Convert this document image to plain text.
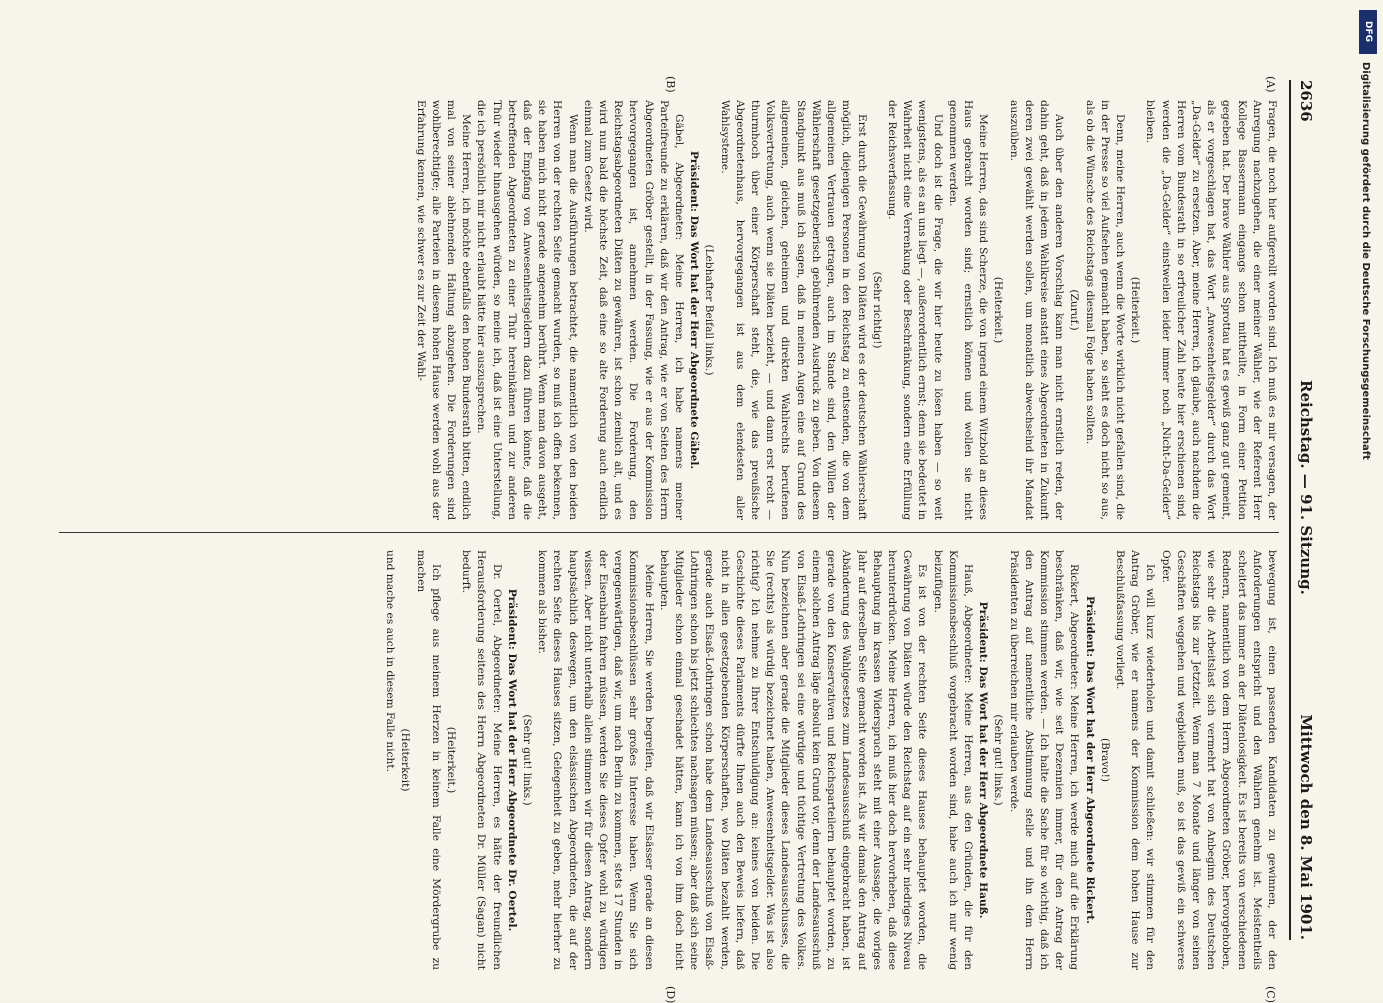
2636
Reichstag. — 91. Sitzung.
Mittwoch den 8. Mai 1901.
(A)
(B)
(C)
(D)

Fragen, die noch hier aufgerollt worden sind. Ich muß es mir versagen, der Anregung nachzugehen, die einer meiner Wähler, wie der Referent Herr Kollege Bassermann eingangs schon mittheilte, in Form einer Petition gegeben hat. Der brave Wähler aus Sprottau hat es gewiß ganz gut gemeint, als er vorgeschlagen hat, das Wort „Anwesenheitsgelder“ durch das Wort „Da-Gelder“ zu ersetzen. Aber, meine Herren, ich glaube, auch nachdem die Herren vom Bundesrath in so erfreulicher Zahl heute hier erschienen sind, werden die „Da-Gelder“ einstweilen leider immer noch „Nicht-Da-Gelder“ bleiben.

(Heiterkeit.)

Denn, meine Herren, auch wenn die Worte wirklich nicht gefallen sind, die in der Presse so viel Aufsehen gemacht haben, so sieht es doch nicht so aus, als ob die Wünsche des Reichstags diesmal Folge haben sollten.

(Zuruf.)

Auch über den anderen Vorschlag kann man nicht ernstlich reden, der dahin geht, daß in jedem Wahlkreise anstatt eines Abgeordneten in Zukunft deren zwei gewählt werden sollen, um monatlich abwechselnd ihr Mandat auszuüben.

(Heiterkeit.)

Meine Herren, das sind Scherze, die von irgend einem Witzbold an dieses Haus gebracht worden sind; ernstlich können und wollen sie nicht genommen werden.

Und doch ist die Frage, die wir hier heute zu lösen haben — so weit wenigstens, als es an uns liegt —, außerordentlich ernst; denn sie bedeutet in Wahrheit nicht eine Verrenkung oder Beschränkung, sondern eine Erfüllung der Reichsverfassung.

(Sehr richtig!)

Erst durch die Gewährung von Diäten wird es der deutschen Wählerschaft möglich, diejenigen Personen in den Reichstag zu entsenden, die von dem allgemeinen Vertrauen getragen, auch im Stande sind, den Willen der Wählerschaft gesetzgeberisch gebührenden Ausdruck zu geben. Von diesem Standpunkt aus muß ich sagen, daß in meinen Augen eine auf Grund des allgemeinen, gleichen, geheimen und direkten Wahlrechts berufenen Volksvertretung, auch wenn sie Diäten bezieht, — und dann erst recht — thurmhoch über einer Körperschaft steht, die, wie das preußische Abgeordnetenhaus, hervorgegangen ist aus dem elendesten aller Wahlsysteme.

(Lebhafter Beifall links.)

Präsident: Das Wort hat der Herr Abgeordnete Gäbel.

Gäbel, Abgeordneter: Meine Herren, ich habe namens meiner Parteifreunde zu erklären, daß wir den Antrag, wie er von Seiten des Herrn Abgeordneten Gröber gestellt, in der Fassung, wie er aus der Kommission hervorgegangen ist, annehmen werden. Die Forderung, den Reichstagsabgeordneten Diäten zu gewähren, ist schon ziemlich alt, und es wird nun bald die höchste Zeit, daß eine so alte Forderung auch endlich einmal zum Gesetz wird.

Wenn man die Ausführungen betrachtet, die namentlich von den beiden Herren von der rechten Seite gemacht wurden, so muß ich offen bekennen, sie haben mich nicht gerade angenehm berührt. Wenn man davon ausgeht, daß der Empfang von Anwesenheitsgeldern dazu führen könnte, daß die betreffenden Abgeordneten zu einer Thür hereinkämen und zur anderen Thür wieder hinausgehen würden, so meine ich, daß ist eine Unterstellung, die ich persönlich mir nicht erlaubt hätte hier auszusprechen.

Meine Herren, ich möchte ebenfalls den hohen Bundesrath bitten, endlich mal von seiner ablehnenden Haltung abzugehen. Die Forderungen sind wohlberechtigte; alle Parteien in diesem hohen Hause werden wohl aus der Erfahrung kennen, wie schwer es zur Zeit der Wahl-

bewegung ist, einen passenden Kandidaten zu gewinnen, der den Anforderungen entspricht und den Wählern genehm ist. Meistentheils scheitert das immer an der Diätenlosigkeit. Es ist bereits von verschiedenen Rednern, namentlich von dem Herrn Abgeordneten Gröber, hervorgehoben, wie sehr die Arbeitslast sich vermehrt hat von Anbeginn des Deutschen Reichstags bis zur Jetztzeit. Wenn man 7 Monate und länger von seinen Geschäften weggehen und wegbleiben muß, so ist das gewiß ein schweres Opfer.

Ich will kurz wiederholen und damit schließen: wir stimmen für den Antrag Gröber, wie er namens der Kommission dem hohen Hause zur Beschlußfassung vorliegt.

(Bravo!)

Präsident: Das Wort hat der Herr Abgeordnete Rickert.

Rickert, Abgeordneter: Meine Herren, ich werde mich auf die Erklärung beschränken, daß wir, wie seit Dezennien immer, für den Antrag der Kommission stimmen werden. — Ich halte die Sache für so wichtig, daß ich den Antrag auf namentliche Abstimmung stelle und ihn dem Herrn Präsidenten zu überreichen mir erlauben werde.

(Sehr gut! links.)

Präsident: Das Wort hat der Herr Abgeordnete Hauß.

Hauß, Abgeordneter: Meine Herren, aus den Gründen, die für den Kommissionsbeschluß vorgebracht worden sind, habe auch ich nur wenig beizufügen.

Es ist von der rechten Seite dieses Hauses behauptet worden, die Gewährung von Diäten würde den Reichstag auf ein sehr niedriges Niveau herunterdrücken. Meine Herren, ich muß hier doch hervorheben, daß diese Behauptung im krassen Widerspruch steht mit einer Aussage, die voriges Jahr auf derselben Seite gemacht worden ist. Als wir damals den Antrag auf Abänderung des Wahlgesetzes zum Landesausschuß eingebracht haben, ist gerade von den Konservativen und Reichsparteilern behauptet worden, zu einem solchen Antrag läge absolut kein Grund vor, denn der Landesausschuß von Elsaß-Lothringen sei eine würdige und tüchtige Vertretung des Volkes. Nun bezeichnen aber gerade die Mitglieder dieses Landesausschusses, die Sie (rechts) als würdig bezeichnet haben, Anwesenheitsgelder. Was ist also richtig? Ich nehme zu Ihrer Entschuldigung an: keines von beiden. Die Geschichte dieses Parlaments dürfte Ihnen auch den Beweis liefern, daß nicht in allen gesetzgebenden Körperschaften, wo Diäten bezahlt werden, gerade auch Elsaß-Lothringen schon habe dem Landesausschuß von Elsaß-Lothringen schon bis jetzt schlechtes nachsagen müssen; aber daß sich seine Mitglieder schon einmal geschadet hätten, kann ich von ihm doch nicht behaupten.

Meine Herren, Sie werden begreifen, daß wir Elsässer gerade an diesen Kommissionsbeschlüssen sehr großes Interesse haben. Wenn Sie sich vergegenwärtigen, daß wir, um nach Berlin zu kommen, stets 17 Stunden in der Eisenbahn fahren müssen, werden Sie dieses Opfer wohl zu würdigen wissen. Aber nicht unterhalb allein stimmen wir für diesen Antrag, sondern hauptsächlich deswegen, um den elsässischen Abgeordneten, die auf der rechten Seite dieses Hauses sitzen, Gelegenheit zu geben, mehr hierher zu kommen als bisher.

(Sehr gut! links.)

Präsident: Das Wort hat der Herr Abgeordnete Dr. Oertel.

Dr. Oertel, Abgeordneter: Meine Herren, es hätte der freundlichen Herausforderung seitens des Herrn Abgeordneten Dr. Müller (Sagan) nicht bedurft.

(Heiterkeit.)

Ich pflege aus meinem Herzen in keinem Falle eine Mördergrube zu machen

(Heiterkeit)

und mache es auch in diesem Falle nicht.

DFG
Digitalisierung gefördert durch die Deutsche Forschungsgemeinschaft
